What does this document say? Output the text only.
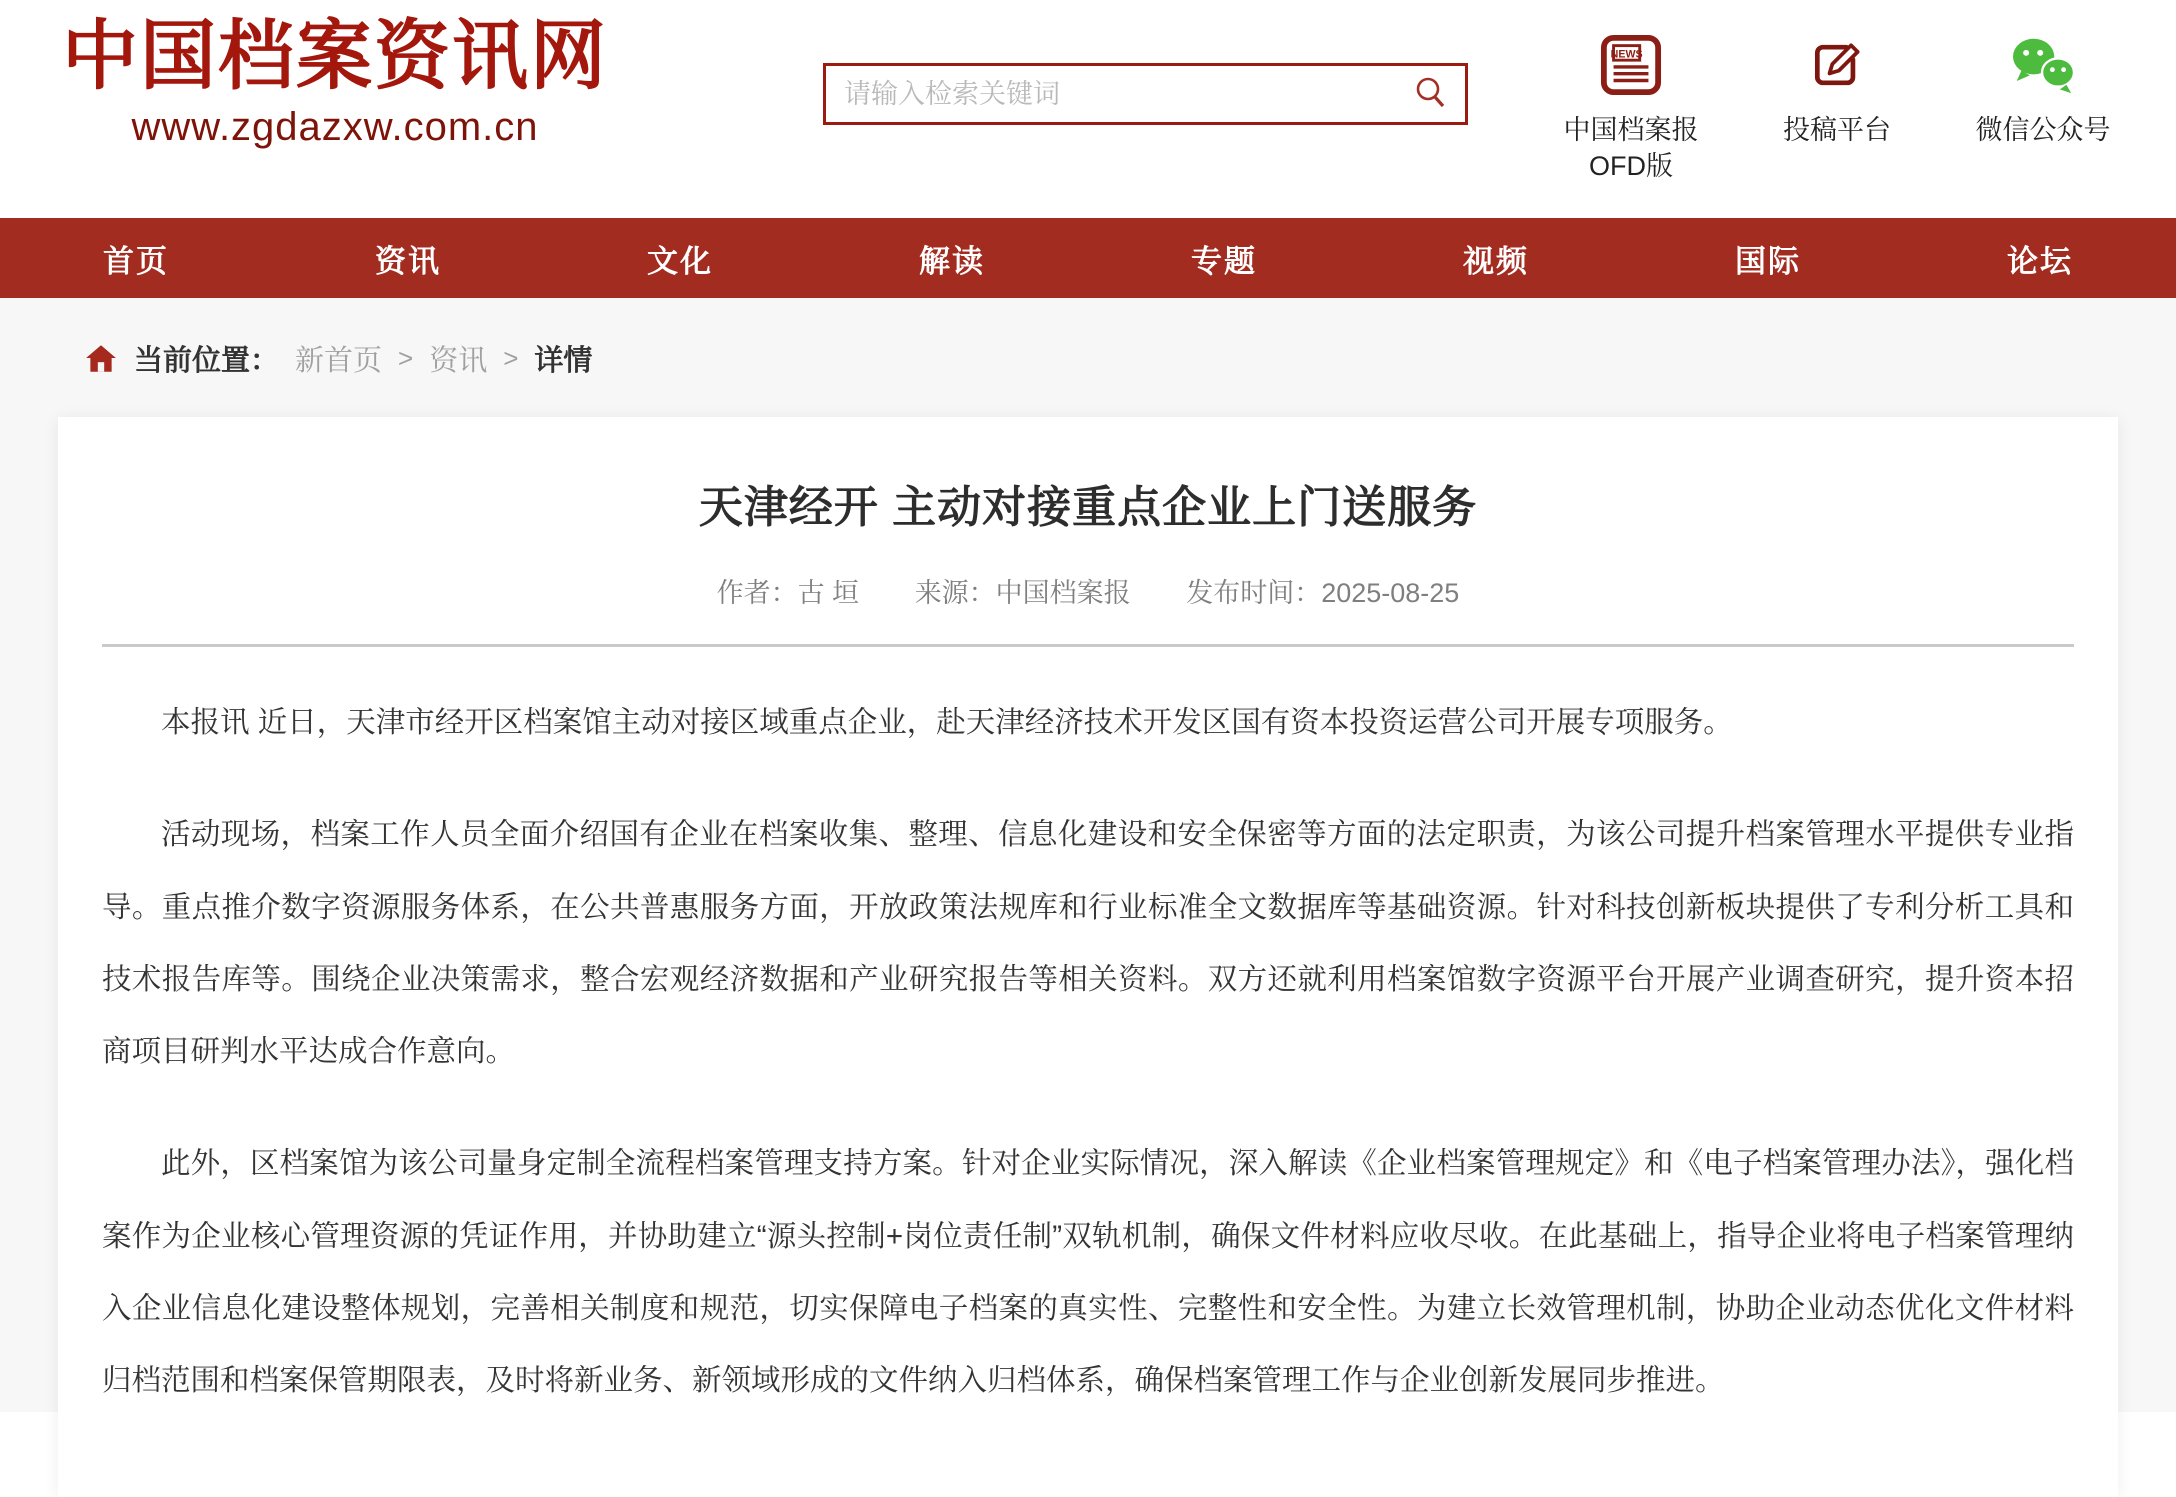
中国档案资讯网
www.zgdazxw.com.cn
请输入检索关键词
NEWS
中国档案报
OFD版
投稿平台	微信公众号
首页	资讯	文化	解读	专题	视频	国际	论坛
当前位置： 新首页 > 资讯 > 详情
天津经开 主动对接重点企业上门送服务
作者：古 垣 来源：中国档案报 发布时间：2025-08-25

本报讯 近日，天津市经开区档案馆主动对接区域重点企业，赴天津经济技术开发区国有资本投资运营公司开展专项服务。

活动现场，档案工作人员全面介绍国有企业在档案收集、整理、信息化建设和安全保密等方面的法定职责，为该公司提升档案管理水平提供专业指导。重点推介数字资源服务体系，在公共普惠服务方面，开放政策法规库和行业标准全文数据库等基础资源。针对科技创新板块提供了专利分析工具和技术报告库等。围绕企业决策需求，整合宏观经济数据和产业研究报告等相关资料。双方还就利用档案馆数字资源平台开展产业调查研究，提升资本招商项目研判水平达成合作意向。

此外，区档案馆为该公司量身定制全流程档案管理支持方案。针对企业实际情况，深入解读《企业档案管理规定》和《电子档案管理办法》，强化档案作为企业核心管理资源的凭证作用，并协助建立“源头控制+岗位责任制”双轨机制，确保文件材料应收尽收。在此基础上，指导企业将电子档案管理纳入企业信息化建设整体规划，完善相关制度和规范，切实保障电子档案的真实性、完整性和安全性。为建立长效管理机制，协助企业动态优化文件材料归档范围和档案保管期限表，及时将新业务、新领域形成的文件纳入归档体系，确保档案管理工作与企业创新发展同步推进。
